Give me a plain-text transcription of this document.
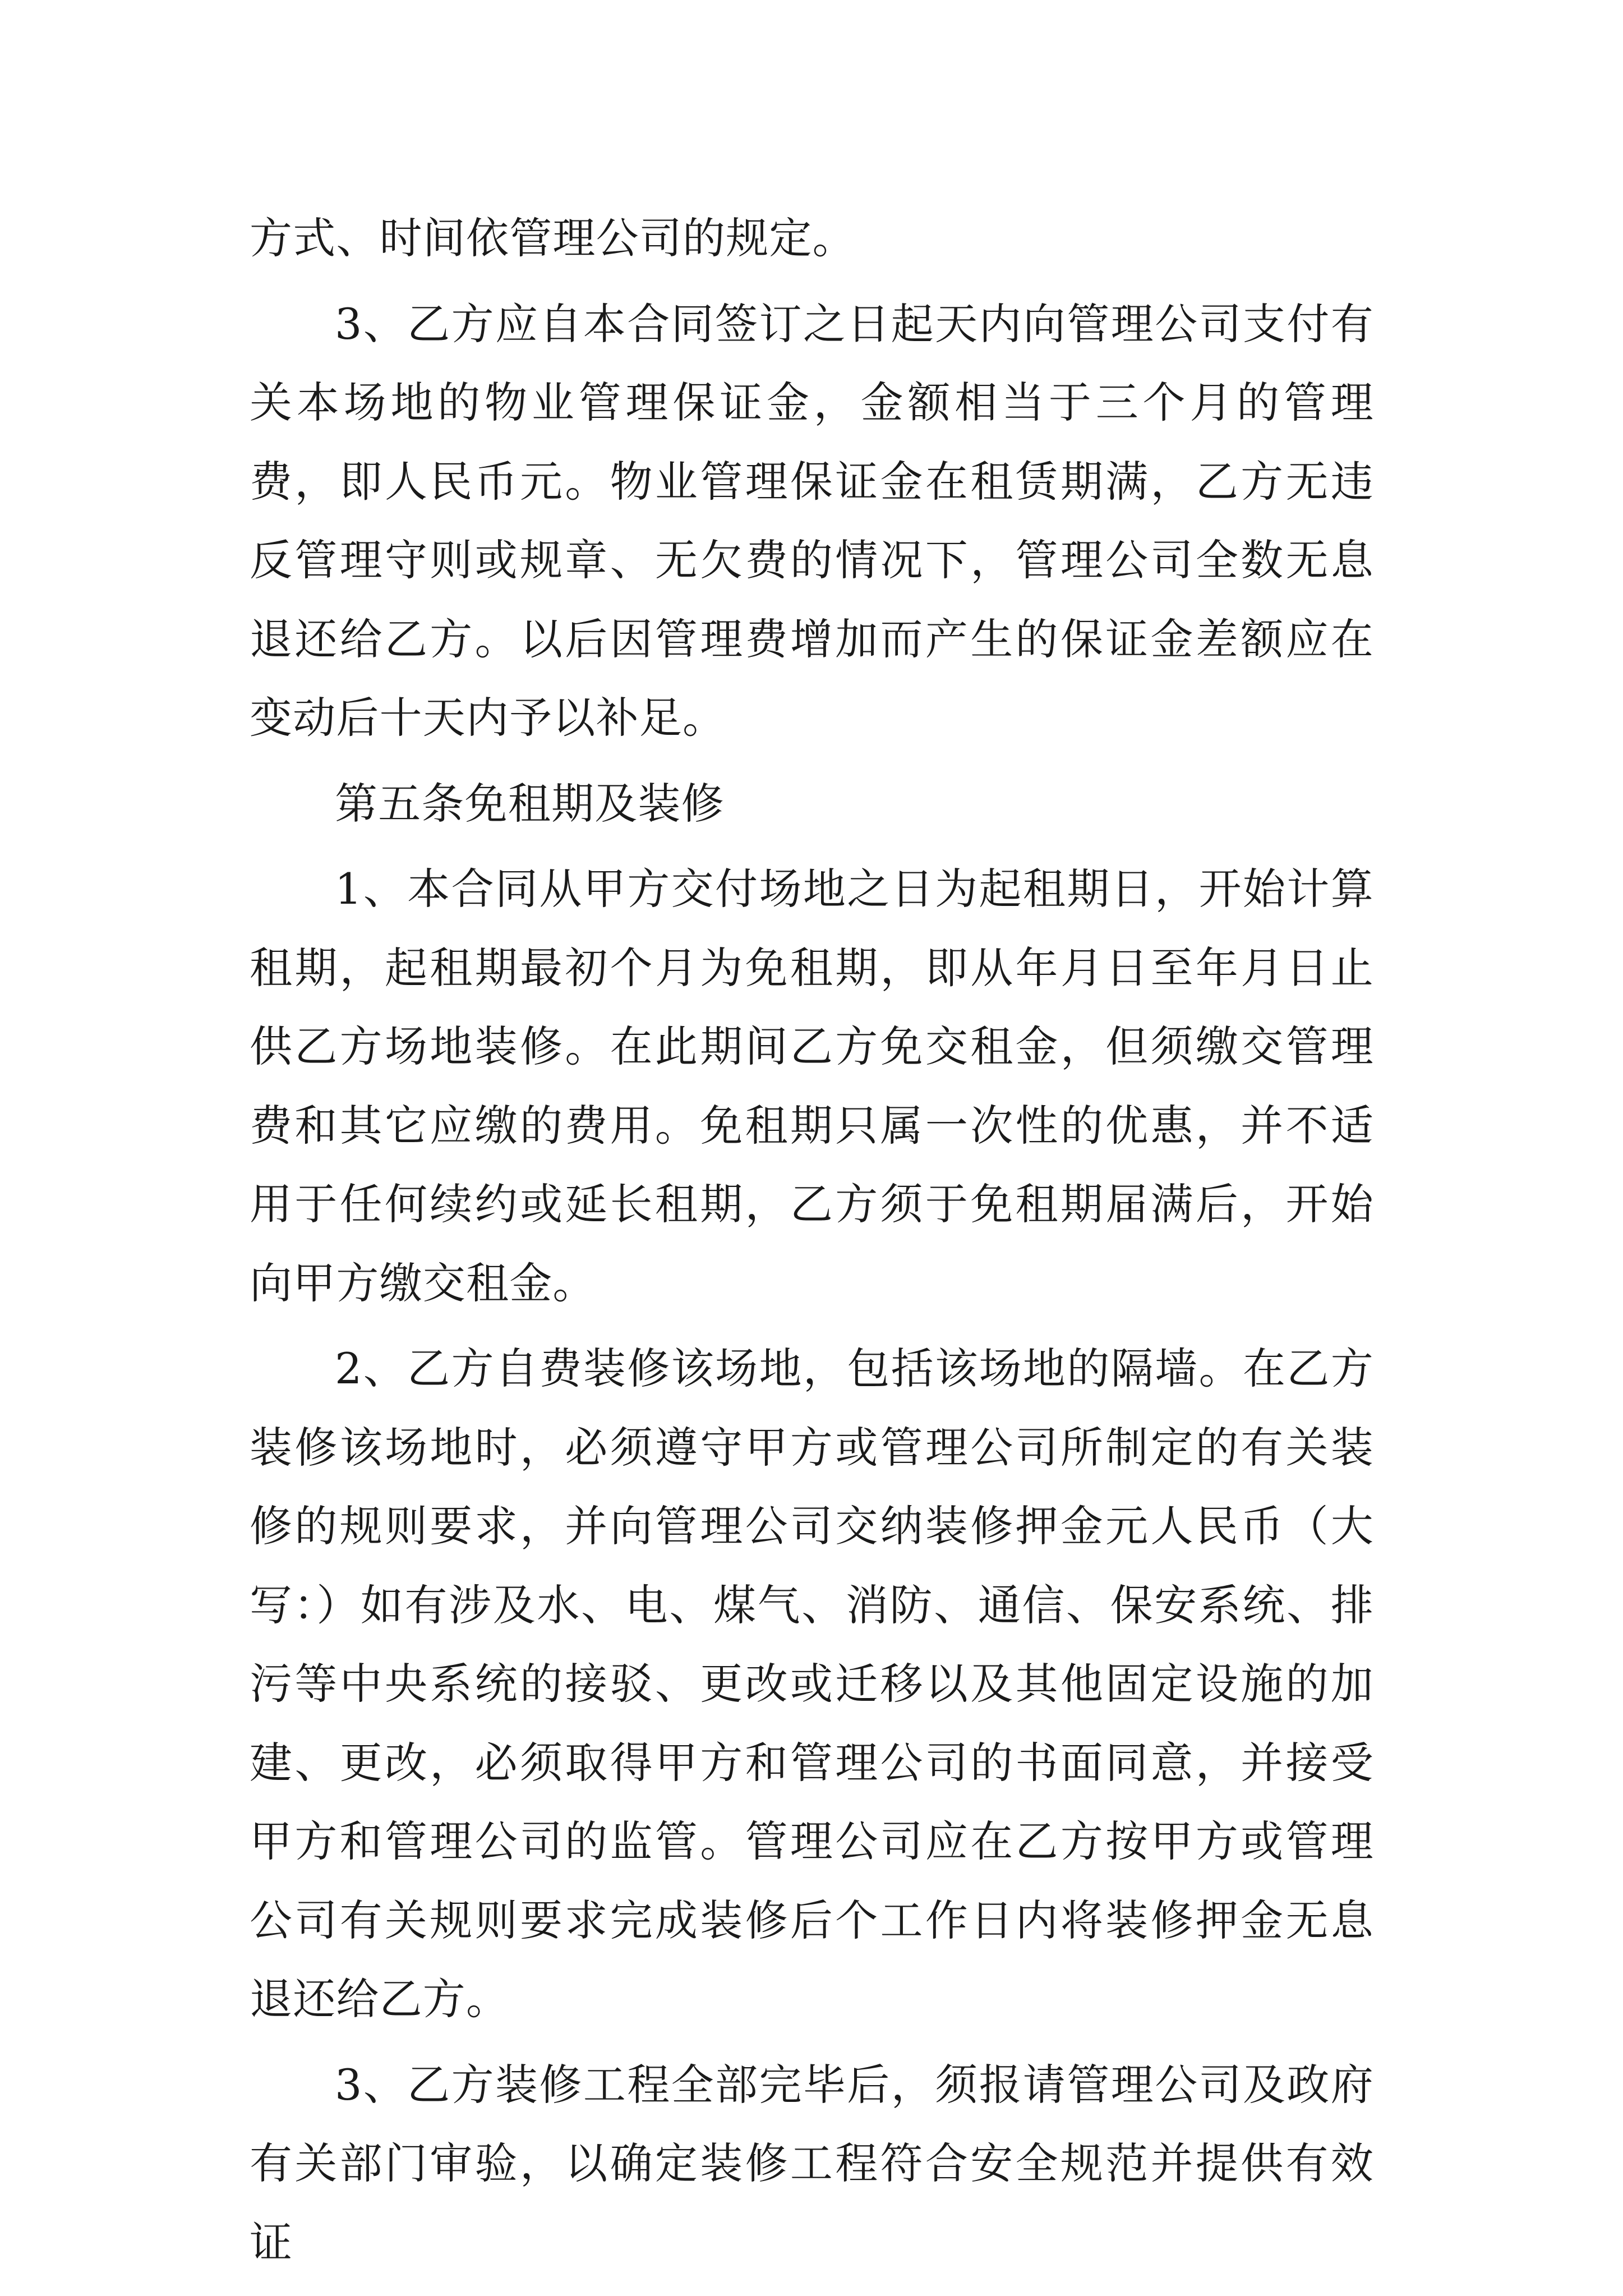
方式、时间依管理公司的规定。

3、乙方应自本合同签订之日起天内向管理公司支付有关本场地的物业管理保证金，金额相当于三个月的管理费，即人民币元。物业管理保证金在租赁期满，乙方无违反管理守则或规章、无欠费的情况下，管理公司全数无息退还给乙方。以后因管理费增加而产生的保证金差额应在变动后十天内予以补足。

第五条免租期及装修

1、本合同从甲方交付场地之日为起租期日，开始计算租期，起租期最初个月为免租期，即从年月日至年月日止供乙方场地装修。在此期间乙方免交租金，但须缴交管理费和其它应缴的费用。免租期只属一次性的优惠，并不适用于任何续约或延长租期，乙方须于免租期届满后，开始向甲方缴交租金。

2、乙方自费装修该场地，包括该场地的隔墙。在乙方装修该场地时，必须遵守甲方或管理公司所制定的有关装修的规则要求，并向管理公司交纳装修押金元人民币（大写：）如有涉及水、电、煤气、消防、通信、保安系统、排污等中央系统的接驳、更改或迁移以及其他固定设施的加建、更改，必须取得甲方和管理公司的书面同意，并接受甲方和管理公司的监管。管理公司应在乙方按甲方或管理公司有关规则要求完成装修后个工作日内将装修押金无息退还给乙方。

3、乙方装修工程全部完毕后，须报请管理公司及政府有关部门审验，以确定装修工程符合安全规范并提供有效证
